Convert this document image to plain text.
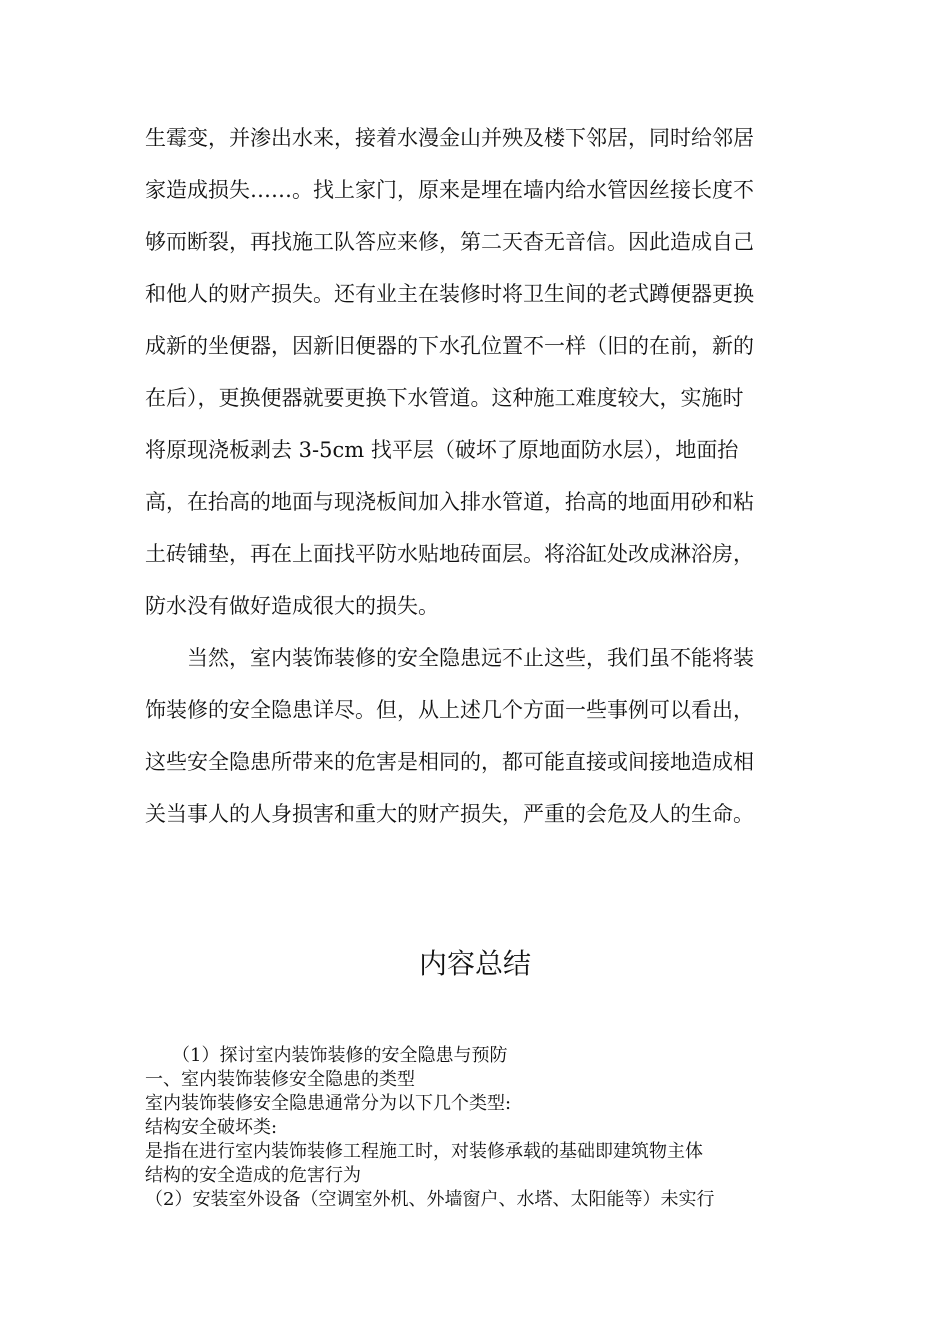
生霉变，并渗出水来，接着水漫金山并殃及楼下邻居，同时给邻居
家造成损失……。找上家门，原来是埋在墙内给水管因丝接长度不
够而断裂，再找施工队答应来修，第二天杳无音信。因此造成自己
和他人的财产损失。还有业主在装修时将卫生间的老式蹲便器更换
成新的坐便器，因新旧便器的下水孔位置不一样（旧的在前，新的
在后），更换便器就要更换下水管道。这种施工难度较大，实施时
将原现浇板剥去 3-5cm 找平层（破坏了原地面防水层），地面抬
高，在抬高的地面与现浇板间加入排水管道，抬高的地面用砂和粘
土砖铺垫，再在上面找平防水贴地砖面层。将浴缸处改成淋浴房，
防水没有做好造成很大的损失。
　　当然，室内装饰装修的安全隐患远不止这些，我们虽不能将装
饰装修的安全隐患详尽。但，从上述几个方面一些事例可以看出，
这些安全隐患所带来的危害是相同的，都可能直接或间接地造成相
关当事人的人身损害和重大的财产损失，严重的会危及人的生命。
内容总结
　　（1）探讨室内装饰装修的安全隐患与预防
一、室内装饰装修安全隐患的类型
室内装饰装修安全隐患通常分为以下几个类型:
结构安全破坏类:
是指在进行室内装饰装修工程施工时，对装修承载的基础即建筑物主体
结构的安全造成的危害行为
（2）安装室外设备（空调室外机、外墙窗户、水塔、太阳能等）未实行
